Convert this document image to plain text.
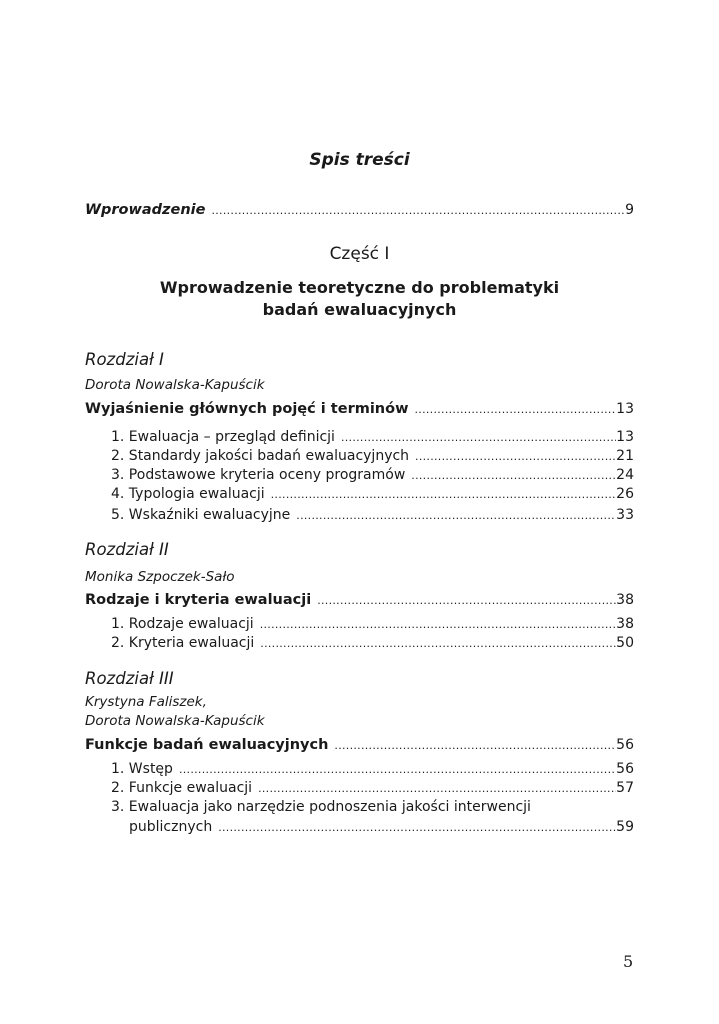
Spis treści
Wprowadzenie . . .	9
Część I
Wprowadzenie teoretyczne do problematyki
badań ewaluacyjnych
Rozdział I
Dorota Nowalska-Kapuścik
Wyjaśnienie głównych pojęć i terminów . . .	13
1. Ewaluacja – przegląd definicji . . .	13
2. Standardy jakości badań ewaluacyjnych . . .	21
3. Podstawowe kryteria oceny programów . . .	24
4. Typologia ewaluacji . . .	26
5. Wskaźniki ewaluacyjne . . .	33
Rozdział II
Monika Szpoczek-Sało
Rodzaje i kryteria ewaluacji . . .	38
1. Rodzaje ewaluacji . . .	38
2. Kryteria ewaluacji . . .	50
Rozdział III
Krystyna Faliszek,
Dorota Nowalska-Kapuścik
Funkcje badań ewaluacyjnych . . .	56
1. Wstęp . . .	56
2. Funkcje ewaluacji . . .	57
3. Ewaluacja jako narzędzie podnoszenia jakości interwencji
publicznych . . .	59
5
